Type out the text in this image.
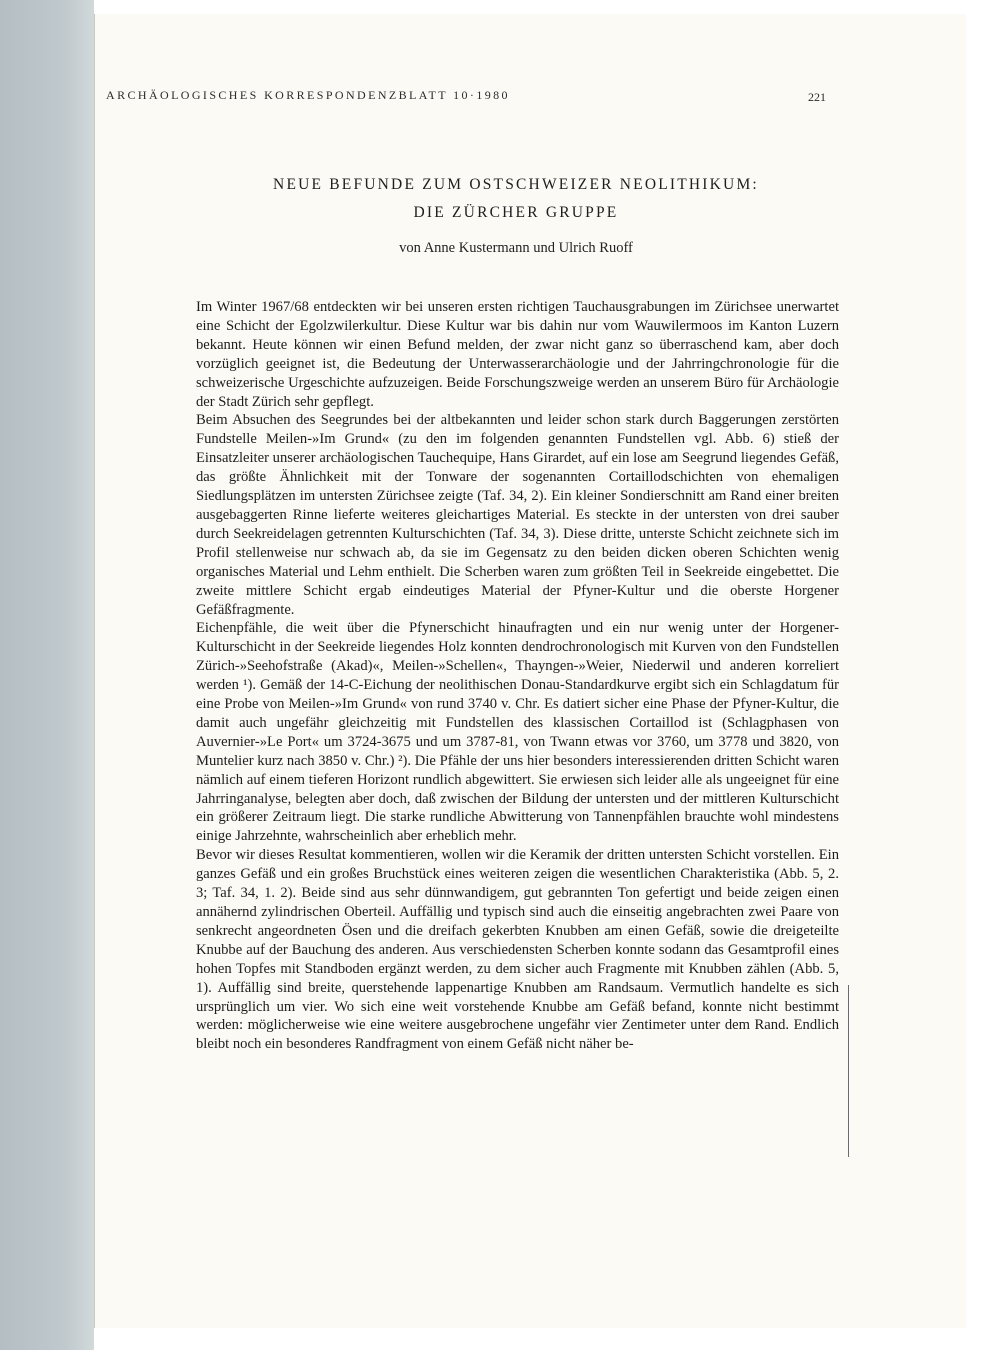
ARCHÄOLOGISCHES KORRESPONDENZBLATT 10·1980	221
NEUE BEFUNDE ZUM OSTSCHWEIZER NEOLITHIKUM:
DIE ZÜRCHER GRUPPE
von Anne Kustermann und Ulrich Ruoff

Im Winter 1967/68 entdeckten wir bei unseren ersten richtigen Tauchausgrabungen im Zürichsee unerwartet eine Schicht der Egolzwilerkultur. Diese Kultur war bis dahin nur vom Wauwilermoos im Kanton Luzern bekannt. Heute können wir einen Befund melden, der zwar nicht ganz so überraschend kam, aber doch vorzüglich geeignet ist, die Bedeutung der Unterwasserarchäologie und der Jahrringchronologie für die schweizerische Urgeschichte aufzuzeigen. Beide Forschungszweige werden an unserem Büro für Archäologie der Stadt Zürich sehr gepflegt.

Beim Absuchen des Seegrundes bei der altbekannten und leider schon stark durch Baggerungen zerstörten Fundstelle Meilen-»Im Grund« (zu den im folgenden genannten Fundstellen vgl. Abb. 6) stieß der Einsatzleiter unserer archäologischen Tauchequipe, Hans Girardet, auf ein lose am Seegrund liegendes Gefäß, das größte Ähnlichkeit mit der Tonware der sogenannten Cortaillodschichten von ehemaligen Siedlungsplätzen im untersten Zürichsee zeigte (Taf. 34, 2). Ein kleiner Sondierschnitt am Rand einer breiten ausgebaggerten Rinne lieferte weiteres gleichartiges Material. Es steckte in der untersten von drei sauber durch Seekreidelagen getrennten Kulturschichten (Taf. 34, 3). Diese dritte, unterste Schicht zeichnete sich im Profil stellenweise nur schwach ab, da sie im Gegensatz zu den beiden dicken oberen Schichten wenig organisches Material und Lehm enthielt. Die Scherben waren zum größten Teil in Seekreide eingebettet. Die zweite mittlere Schicht ergab eindeutiges Material der Pfyner-Kultur und die oberste Horgener Gefäßfragmente.

Eichenpfähle, die weit über die Pfynerschicht hinaufragten und ein nur wenig unter der Horgener-Kulturschicht in der Seekreide liegendes Holz konnten dendrochronologisch mit Kurven von den Fundstellen Zürich-»Seehofstraße (Akad)«, Meilen-»Schellen«, Thayngen-»Weier, Niederwil und anderen korreliert werden ¹). Gemäß der 14-C-Eichung der neolithischen Donau-Standardkurve ergibt sich ein Schlagdatum für eine Probe von Meilen-»Im Grund« von rund 3740 v. Chr. Es datiert sicher eine Phase der Pfyner-Kultur, die damit auch ungefähr gleichzeitig mit Fundstellen des klassischen Cortaillod ist (Schlagphasen von Auvernier-»Le Port« um 3724-3675 und um 3787-81, von Twann etwas vor 3760, um 3778 und 3820, von Muntelier kurz nach 3850 v. Chr.) ²). Die Pfähle der uns hier besonders interessierenden dritten Schicht waren nämlich auf einem tieferen Horizont rundlich abgewittert. Sie erwiesen sich leider alle als ungeeignet für eine Jahrringanalyse, belegten aber doch, daß zwischen der Bildung der untersten und der mittleren Kulturschicht ein größerer Zeitraum liegt. Die starke rundliche Abwitterung von Tannenpfählen brauchte wohl mindestens einige Jahrzehnte, wahrscheinlich aber erheblich mehr.

Bevor wir dieses Resultat kommentieren, wollen wir die Keramik der dritten untersten Schicht vorstellen. Ein ganzes Gefäß und ein großes Bruchstück eines weiteren zeigen die wesentlichen Charakteristika (Abb. 5, 2. 3; Taf. 34, 1. 2). Beide sind aus sehr dünnwandigem, gut gebrannten Ton gefertigt und beide zeigen einen annähernd zylindrischen Oberteil. Auffällig und typisch sind auch die einseitig angebrachten zwei Paare von senkrecht angeordneten Ösen und die dreifach gekerbten Knubben am einen Gefäß, sowie die dreigeteilte Knubbe auf der Bauchung des anderen. Aus verschiedensten Scherben konnte sodann das Gesamtprofil eines hohen Topfes mit Standboden ergänzt werden, zu dem sicher auch Fragmente mit Knubben zählen (Abb. 5, 1). Auffällig sind breite, querstehende lappenartige Knubben am Randsaum. Vermutlich handelte es sich ursprünglich um vier. Wo sich eine weit vorstehende Knubbe am Gefäß befand, konnte nicht bestimmt werden: möglicherweise wie eine weitere ausgebrochene ungefähr vier Zentimeter unter dem Rand. Endlich bleibt noch ein besonderes Randfragment von einem Gefäß nicht näher be-
